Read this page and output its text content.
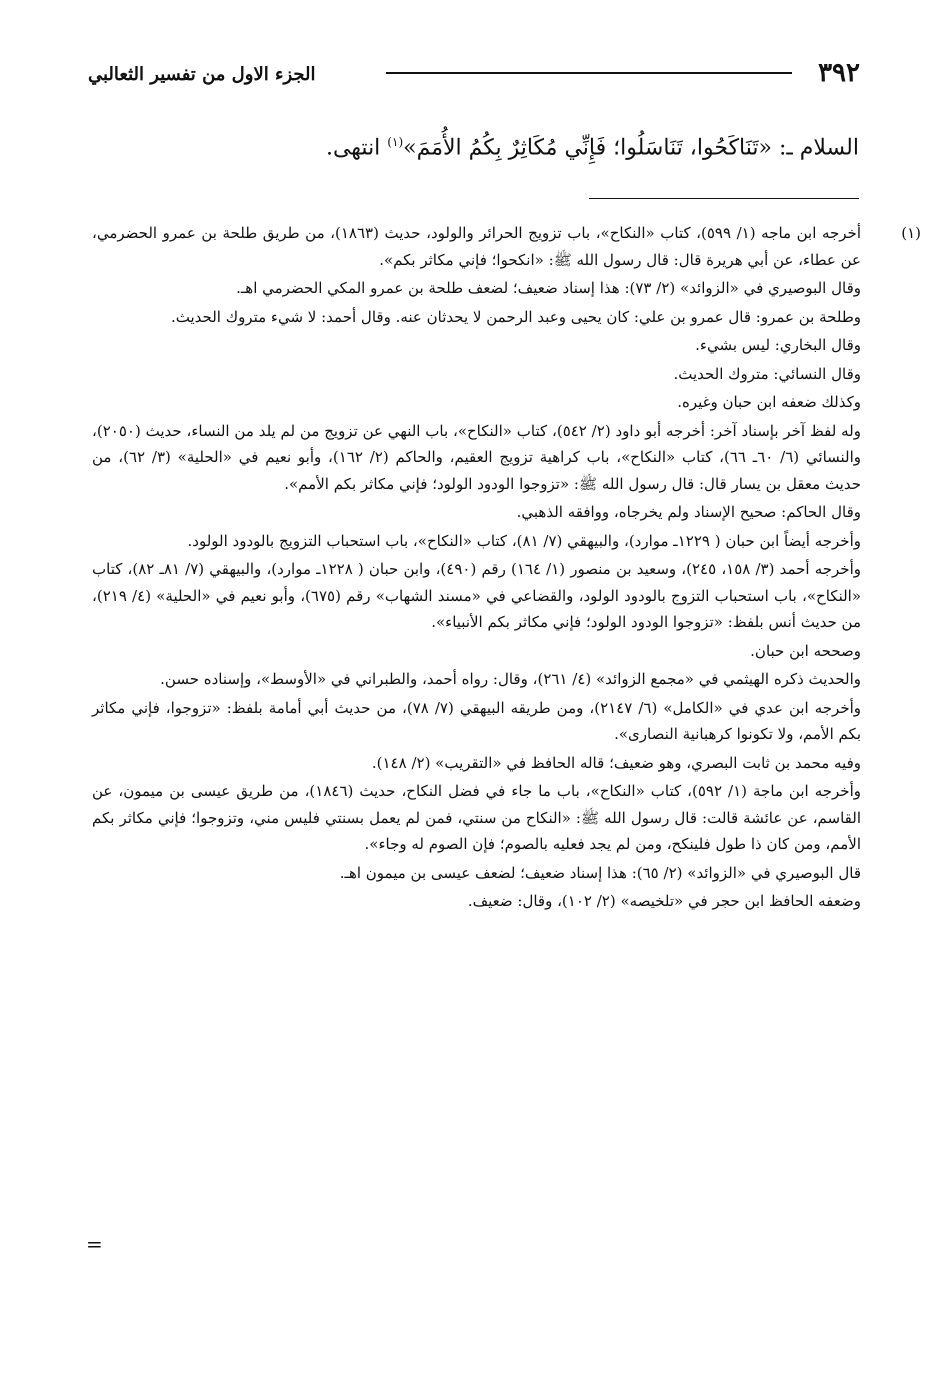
٣٩٢
الجزء الاول من تفسير الثعالبي
السلام ـ: «تَنَاكَحُوا، تَنَاسَلُوا؛ فَإِنِّي مُكَاثِرٌ بِكُمُ الأُمَمَ»$^{(١)}$ انتهى.
(١)

أخرجه ابن ماجه (١/ ٥٩٩)، كتاب «النكاح»، باب تزويج الحرائر والولود، حديث (١٨٦٣)، من طريق طلحة بن عمرو الحضرمي، عن عطاء، عن أبي هريرة قال: قال رسول الله ﷺ: «انكحوا؛ فإني مكاثر بكم».

وقال البوصيري في «الزوائد» (٢/ ٧٣): هذا إسناد ضعيف؛ لضعف طلحة بن عمرو المكي الحضرمي اهـ.

وطلحة بن عمرو: قال عمرو بن علي: كان يحيى وعبد الرحمن لا يحدثان عنه. وقال أحمد: لا شيء متروك الحديث.

وقال البخاري: ليس بشيء.

وقال النسائي: متروك الحديث.

وكذلك ضعفه ابن حبان وغيره.

وله لفظ آخر بإسناد آخر: أخرجه أبو داود (٢/ ٥٤٢)، كتاب «النكاح»، باب النهي عن تزويج من لم يلد من النساء، حديث (٢٠٥٠)، والنسائي (٦/ ٦٠ـ ٦٦)، كتاب «النكاح»، باب كراهية تزويج العقيم، والحاكم (٢/ ١٦٢)، وأبو نعيم في «الحلية» (٣/ ٦٢)، من حديث معقل بن يسار قال: قال رسول الله ﷺ: «تزوجوا الودود الولود؛ فإني مكاثر بكم الأمم».

وقال الحاكم: صحيح الإسناد ولم يخرجاه، ووافقه الذهبي.

وأخرجه أيضاً ابن حبان ( ١٢٢٩ـ موارد)، والبيهقي (٧/ ٨١)، كتاب «النكاح»، باب استحباب التزويج بالودود الولود.

وأخرجه أحمد (٣/ ١٥٨، ٢٤٥)، وسعيد بن منصور (١/ ١٦٤) رقم (٤٩٠)، وابن حبان ( ١٢٢٨ـ موارد)، والبيهقي (٧/ ٨١ـ ٨٢)، كتاب «النكاح»، باب استحباب التزوج بالودود الولود، والقضاعي في «مسند الشهاب» رقم (٦٧٥)، وأبو نعيم في «الحلية» (٤/ ٢١٩)، من حديث أنس بلفظ: «تزوجوا الودود الولود؛ فإني مكاثر بكم الأنبياء».

وصححه ابن حبان.

والحديث ذكره الهيثمي في «مجمع الزوائد» (٤/ ٢٦١)، وقال: رواه أحمد، والطبراني في «الأوسط»، وإسناده حسن.

وأخرجه ابن عدي في «الكامل» (٦/ ٢١٤٧)، ومن طريقه البيهقي (٧/ ٧٨)، من حديث أبي أمامة بلفظ: «تزوجوا، فإني مكاثر بكم الأمم، ولا تكونوا كرهبانية النصارى».

وفيه محمد بن ثابت البصري، وهو ضعيف؛ قاله الحافظ في «التقريب» (٢/ ١٤٨).

وأخرجه ابن ماجة (١/ ٥٩٢)، كتاب «النكاح»، باب ما جاء في فضل النكاح، حديث (١٨٤٦)، من طريق عيسى بن ميمون، عن القاسم، عن عائشة قالت: قال رسول الله ﷺ: «النكاح من سنتي، فمن لم يعمل بسنتي فليس مني، وتزوجوا؛ فإني مكاثر بكم الأمم، ومن كان ذا طول فلينكح، ومن لم يجد فعليه بالصوم؛ فإن الصوم له وجاء».

قال البوصيري في «الزوائد» (٢/ ٦٥): هذا إسناد ضعيف؛ لضعف عيسى بن ميمون اهـ.

وضعفه الحافظ ابن حجر في «تلخيصه» (٢/ ١٠٢)، وقال: ضعيف.

=
